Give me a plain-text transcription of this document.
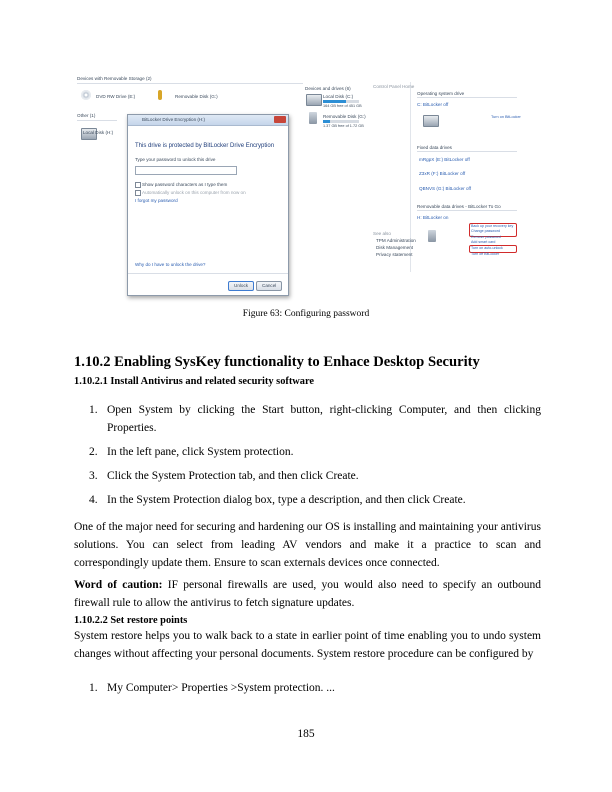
Devices with Removable Storage (2)
DVD RW Drive (E:)	Removable Disk (G:)
Other (1)
Local Disk (H:)
BitLocker Drive Encryption (H:)
This drive is protected by BitLocker Drive Encryption
Type your password to unlock this drive
Show password characters as I type them
Automatically unlock on this computer from now on
I forgot my password
Why do I have to unlock the drive?
Unlock	Cancel
Devices and drives (6)
Local Disk (C:)
164 GB free of 451 GB
Removable Disk (G:)
1.37 GB free of 1.72 GB
Control Panel Home
Operating system drive
C: BitLocker off
Turn on BitLocker
Fixed data drives
mRgpX (E:) BitLocker off
Z3xR (F:) BitLocker off
QBNVS (G:) BitLocker off
Removable data drives - BitLocker To Go
H: BitLocker on
Back up your recovery key
Change password
Remove password
Add smart card
Turn on auto-unlock
Turn off BitLocker
See also
TPM Administration
Disk Management
Privacy statement
Figure 63: Configuring password
1.10.2 Enabling SysKey functionality to Enhace Desktop Security
1.10.2.1 Install Antivirus and related security software
1. Open System by clicking the Start button, right-clicking Computer, and then clicking Properties.
2. In the left pane, click System protection.
3. Click the System Protection tab, and then click Create.
4. In the System Protection dialog box, type a description, and then click Create.
One of the major need for securing and hardening our OS is installing and maintaining your antivirus solutions. You can select from leading AV vendors and make it a practice to scan and correspondingly update them. Ensure to scan externals devices once connected.
Word of caution: IF personal firewalls are used, you would also need to specify an outbound firewall rule to allow the antivirus to fetch signature updates.
1.10.2.2 Set restore points
System restore helps you to walk back to a state in earlier point of time enabling you to undo system changes without affecting your personal documents. System restore procedure can be configured by
1. My Computer> Properties >System protection. ...
185
